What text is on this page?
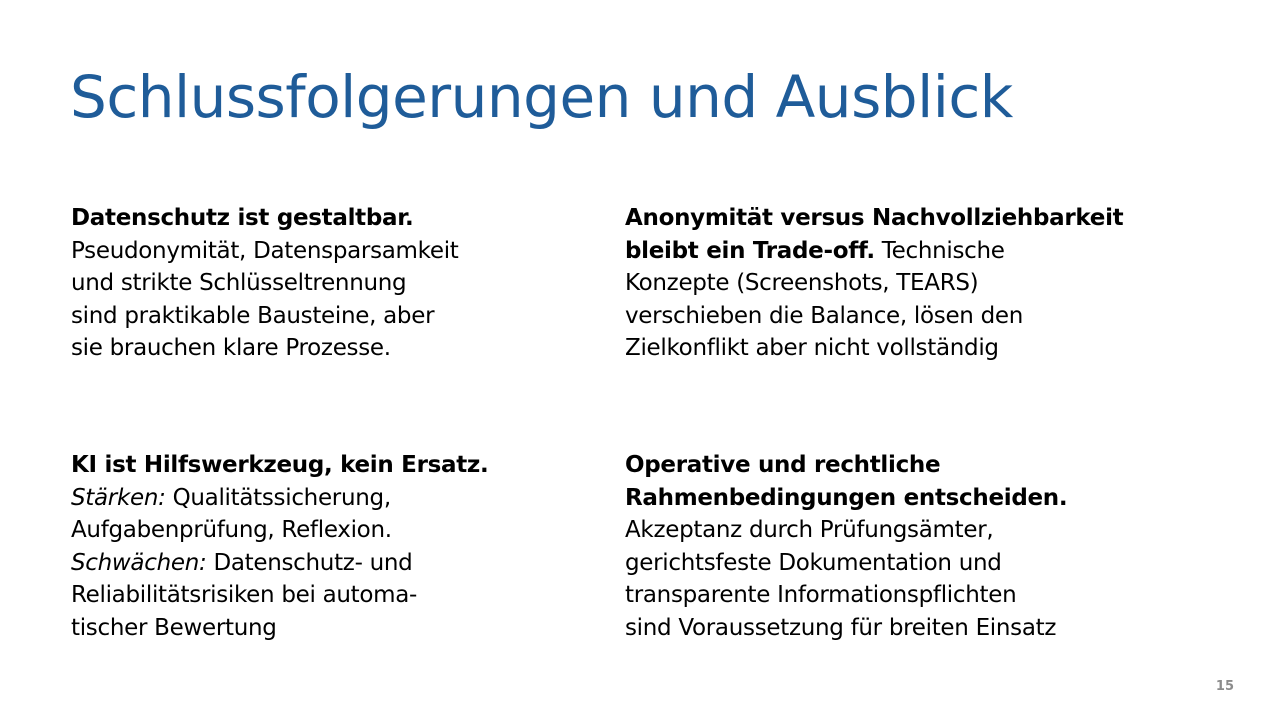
Schlussfolgerungen und Ausblick
Datenschutz ist gestaltbar.
Pseudonymität, Datensparsamkeit
und strikte Schlüsseltrennung
sind praktikable Bausteine, aber
sie brauchen klare Prozesse.
Anonymität versus Nachvollziehbarkeit
bleibt ein Trade-off. Technische
Konzepte (Screenshots, TEARS)
verschieben die Balance, lösen den
Zielkonflikt aber nicht vollständig
KI ist Hilfswerkzeug, kein Ersatz.
Stärken: Qualitätssicherung,
Aufgabenprüfung, Reflexion.
Schwächen: Datenschutz- und
Reliabilitätsrisiken bei automa-
tischer Bewertung
Operative und rechtliche
Rahmenbedingungen entscheiden.
Akzeptanz durch Prüfungsämter,
gerichtsfeste Dokumentation und
transparente Informationspflichten
sind Voraussetzung für breiten Einsatz
15
